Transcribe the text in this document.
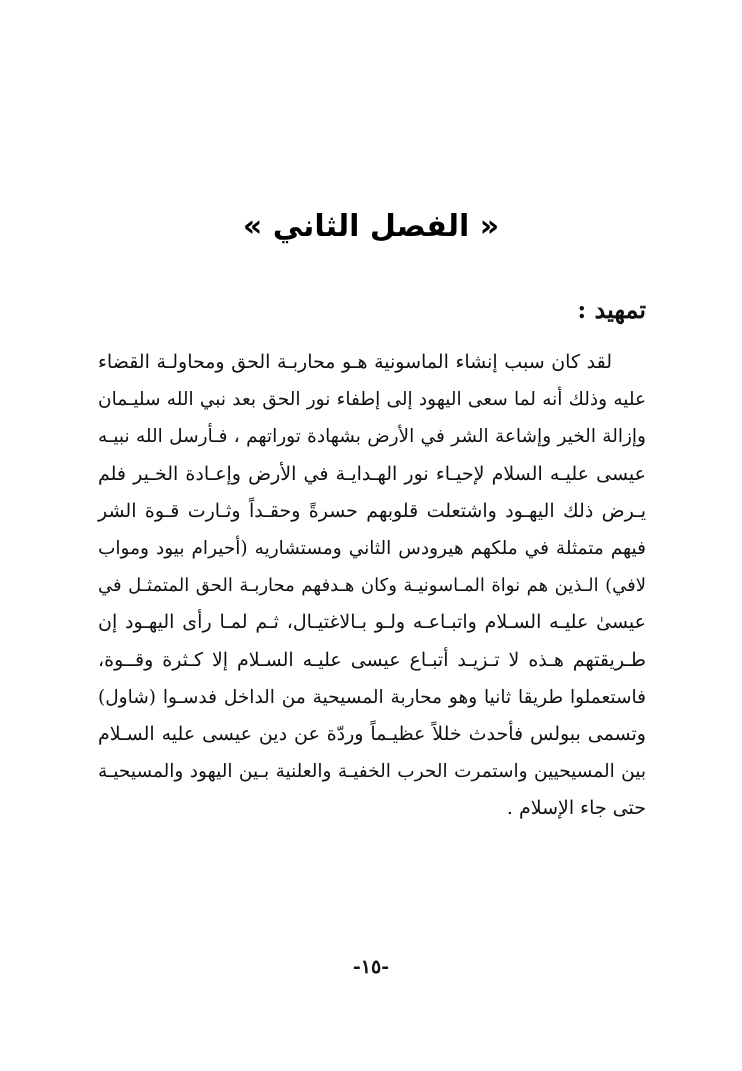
« الفصل الثاني »
تمهيد :
لقد كان سبب إنشاء الماسونية هـو محاربـة الحق ومحاولـة القضاء
عليه وذلك أنه لما سعى اليهود إلى إطفاء نور الحق بعد نبي الله سليـمان
وإزالة الخير وإشاعة الشر في الأرض بشهادة توراتهم ، فـأرسل الله نبيـه
عيسى عليـه السلام لإحيـاء نور الهـدايـة في الأرض وإعـادة الخـير فلم
يـرض ذلك اليهـود واشتعلت قلوبهم حسرةً وحقـداً وثـارت قـوة الشر
فيهم متمثلة في ملكهم هيرودس الثاني ومستشاريه (أحيرام بيود ومواب
لافي) الـذين هم نواة المـاسونيـة وكان هـدفهم محاربـة الحق المتمثـل في
عيسىٰ عليـه السـلام واتبـاعـه ولـو بـالاغتيـال، ثـم لمـا رأى اليهـود إن
طـريقتهم هـذه لا تـزيـد أتبـاع عيسى عليـه السـلام إلا كـثرة وقــوة،
فاستعملوا طريقا ثانيا وهو محاربة المسيحية من الداخل فدسـوا (شاول)
وتسمى ببولس فأحدث خللاً عظيـماً وردّة عن دين عيسى عليه السـلام
بين المسيحيين واستمرت الحرب الخفيـة والعلنية بـين اليهود والمسيحيـة
حتى جاء الإسلام .
-١٥-
